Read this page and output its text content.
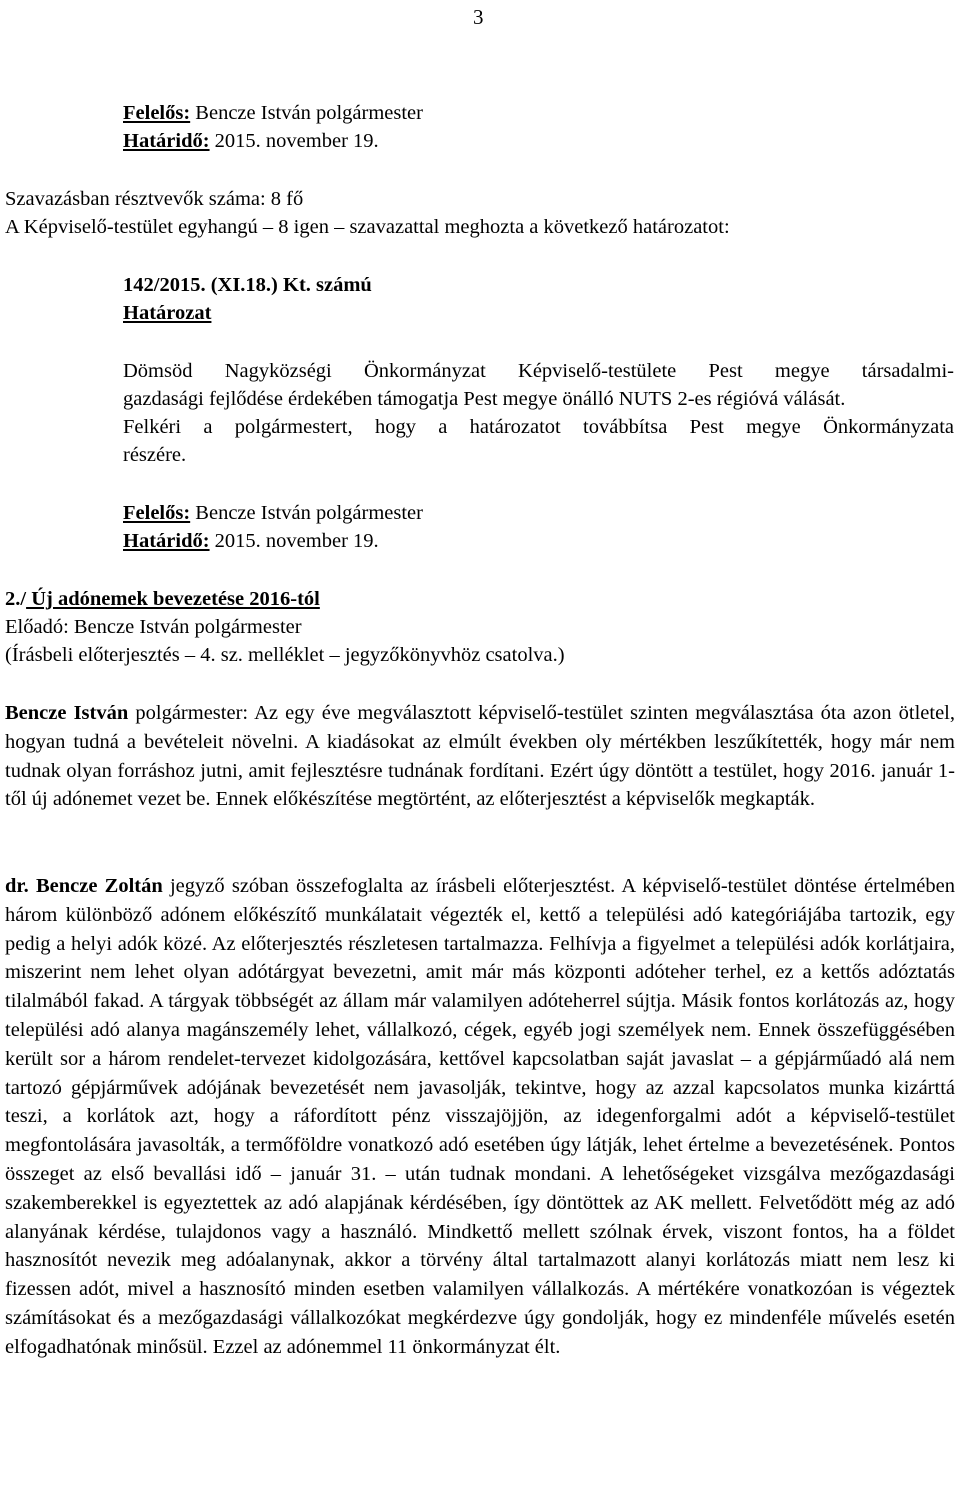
3
Felelős: Bencze István polgármester
Határidő: 2015. november 19.
Szavazásban résztvevők száma: 8 fő
A Képviselő-testület egyhangú – 8 igen – szavazattal meghozta a következő határozatot:
142/2015. (XI.18.) Kt. számú
Határozat
Dömsöd Nagyközségi Önkormányzat Képviselő-testülete Pest megye társadalmi-
gazdasági fejlődése érdekében támogatja Pest megye önálló NUTS 2-es régióvá válását.
Felkéri a polgármestert, hogy a határozatot továbbítsa Pest megye Önkormányzata
részére.
Felelős: Bencze István polgármester
Határidő: 2015. november 19.
2./ Új adónemek bevezetése 2016-tól
Előadó: Bencze István polgármester
(Írásbeli előterjesztés – 4. sz. melléklet – jegyzőkönyvhöz csatolva.)

Bencze István polgármester: Az egy éve megválasztott képviselő-testület szinten megválasztása óta azon ötletel, hogyan tudná a bevételeit növelni. A kiadásokat az elmúlt években oly mértékben leszűkítették, hogy már nem tudnak olyan forráshoz jutni, amit fejlesztésre tudnának fordítani. Ezért úgy döntött a testület, hogy 2016. január 1-től új adónemet vezet be. Ennek előkészítése megtörtént, az előterjesztést a képviselők megkapták.

dr. Bencze Zoltán jegyző szóban összefoglalta az írásbeli előterjesztést. A képviselő-testület döntése értelmében három különböző adónem előkészítő munkálatait végezték el, kettő a települési adó kategóriájába tartozik, egy pedig a helyi adók közé. Az előterjesztés részletesen tartalmazza. Felhívja a figyelmet a települési adók korlátjaira, miszerint nem lehet olyan adótárgyat bevezetni, amit már más központi adóteher terhel, ez a kettős adóztatás tilalmából fakad. A tárgyak többségét az állam már valamilyen adóteherrel sújtja. Másik fontos korlátozás az, hogy települési adó alanya magánszemély lehet, vállalkozó, cégek, egyéb jogi személyek nem. Ennek összefüggésében került sor a három rendelet-tervezet kidolgozására, kettővel kapcsolatban saját javaslat – a gépjárműadó alá nem tartozó gépjárművek adójának bevezetését nem javasolják, tekintve, hogy az azzal kapcsolatos munka kizárttá teszi, a korlátok azt, hogy a ráfordított pénz visszajöjjön, az idegenforgalmi adót a képviselő-testület megfontolására javasolták, a termőföldre vonatkozó adó esetében úgy látják, lehet értelme a bevezetésének. Pontos összeget az első bevallási idő – január 31. – után tudnak mondani. A lehetőségeket vizsgálva mezőgazdasági szakemberekkel is egyeztettek az adó alapjának kérdésében, így döntöttek az AK mellett. Felvetődött még az adó alanyának kérdése, tulajdonos vagy a használó. Mindkettő mellett szólnak érvek, viszont fontos, ha a földet hasznosítót nevezik meg adóalanynak, akkor a törvény által tartalmazott alanyi korlátozás miatt nem lesz ki fizessen adót, mivel a hasznosító minden esetben valamilyen vállalkozás. A mértékére vonatkozóan is végeztek számításokat és a mezőgazdasági vállalkozókat megkérdezve úgy gondolják, hogy ez mindenféle művelés esetén elfogadhatónak minősül. Ezzel az adónemmel 11 önkormányzat élt.
